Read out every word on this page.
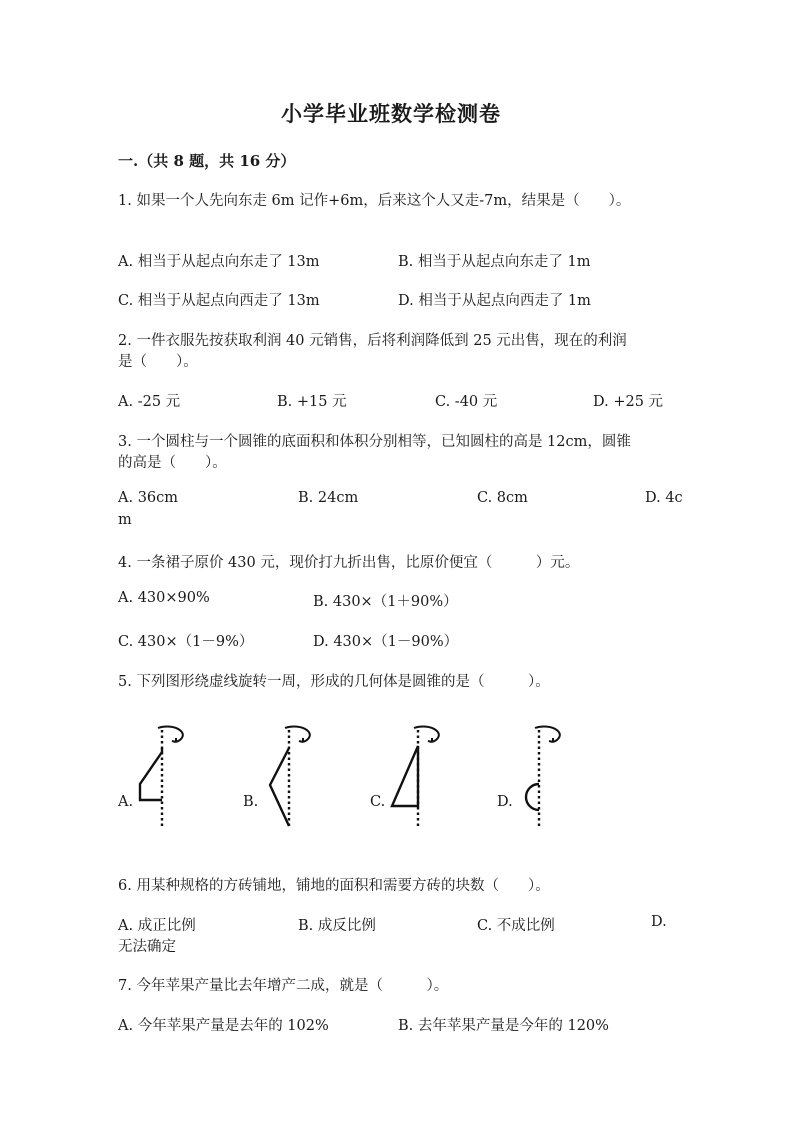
小学毕业班数学检测卷
一.（共 8 题，共 16 分）
1. 如果一个人先向东走 6m 记作+6m，后来这个人又走-7m，结果是（　　）。
A. 相当于从起点向东走了 13m	B. 相当于从起点向东走了 1m
C. 相当于从起点向西走了 13m	D. 相当于从起点向西走了 1m
2. 一件衣服先按获取利润 40 元销售，后将利润降低到 25 元出售，现在的利润
是（　　）。
A. -25 元	B. +15 元	C. -40 元	D. +25 元
3. 一个圆柱与一个圆锥的底面积和体积分别相等，已知圆柱的高是 12cm，圆锥
的高是（　　）。
A. 36cm	B. 24cm	C. 8cm	D. 4c
m
4. 一条裙子原价 430 元，现价打九折出售，比原价便宜（　　　）元。
A. 430×90%	B. 430×（1＋90%）
C. 430×（1－9%）	D. 430×（1－90%）
5. 下列图形绕虚线旋转一周，形成的几何体是圆锥的是（　　　）。
A.	B.	C.	D.
6. 用某种规格的方砖铺地，铺地的面积和需要方砖的块数（　　）。
A. 成正比例	B. 成反比例	C. 不成比例	D.
无法确定
7. 今年苹果产量比去年增产二成，就是（　　　）。
A. 今年苹果产量是去年的 102%	B. 去年苹果产量是今年的 120%
